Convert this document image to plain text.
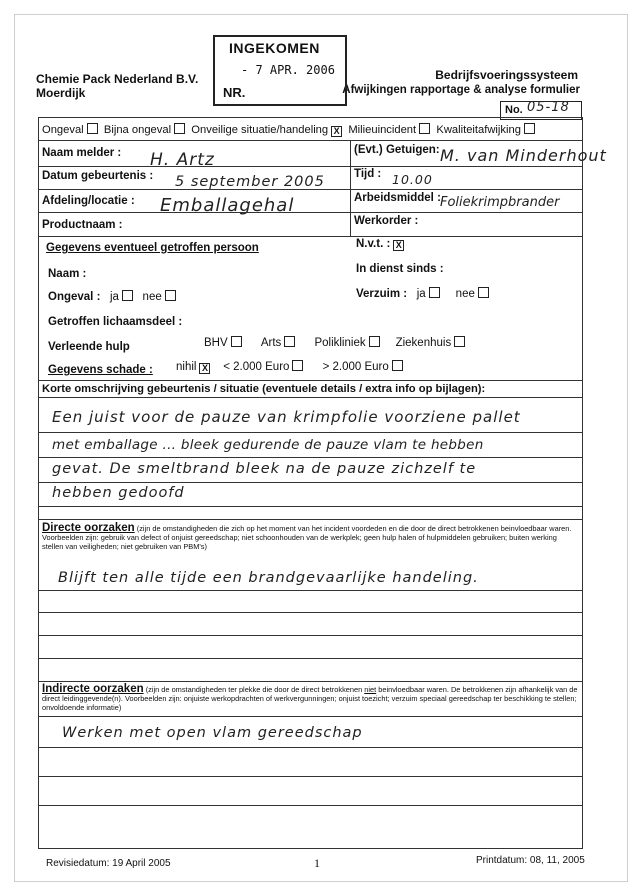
Chemie Pack Nederland B.V.
Moerdijk
Bedrijfsvoeringssysteem
Afwijkingen rapportage & analyse formulier
INGEKOMEN
- 7 APR. 2006
NR.
No. 05-18
Ongeval Bijna ongeval Onveilige situatie/handeling X Milieuincident Kwaliteitafwijking
Naam melder : H. Artz	(Evt.) Getuigen: M. van Minderhout
Datum gebeurtenis : 5 september 2005	Tijd : 10.00
Afdeling/locatie : Emballagehal	Arbeidsmiddel : Foliekrimpbrander
Productnaam :	Werkorder :
Gegevens eventueel getroffen persoon	N.v.t. : X
Naam :	In dienst sinds :
Ongeval : ja nee	Verzuim : ja	nee
Getroffen lichaamsdeel :
Verleende hulp	BHV	Arts	Polikliniek	Ziekenhuis
Gegevens schade : nihil X < 2.000 Euro	> 2.000 Euro
Korte omschrijving gebeurtenis / situatie (eventuele details / extra info op bijlagen):
Een juist voor de pauze van krimpfolie voorziene pallet
met emballage ... bleek gedurende de pauze vlam te hebben
gevat. De smeltbrand bleek na de pauze zichzelf te
hebben gedoofd
Directe oorzaken (zijn de omstandigheden die zich op het moment van het incident voordeden en die door de direct betrokkenen beinvloedbaar waren. Voorbeelden zijn: gebruik van defect of onjuist gereedschap; niet schoonhouden van de werkplek; geen hulp halen of hulpmiddelen gebruiken; buiten werking stellen van veiligheden; niet gebruiken van PBM's)
Blijft ten alle tijde een brandgevaarlijke handeling.
Indirecte oorzaken (zijn de omstandigheden ter plekke die door de direct betrokkenen niet beinvloedbaar waren. De betrokkenen zijn afhankelijk van de direct leidinggevende(n). Voorbeelden zijn: onjuiste werkopdrachten of werkvergunningen; onjuist toezicht; verzuim speciaal gereedschap ter beschikking te stellen; onvoldoende informatie)
Werken met open vlam gereedschap
Revisiedatum: 19 April 2005	1	Printdatum: 08, 11, 2005
